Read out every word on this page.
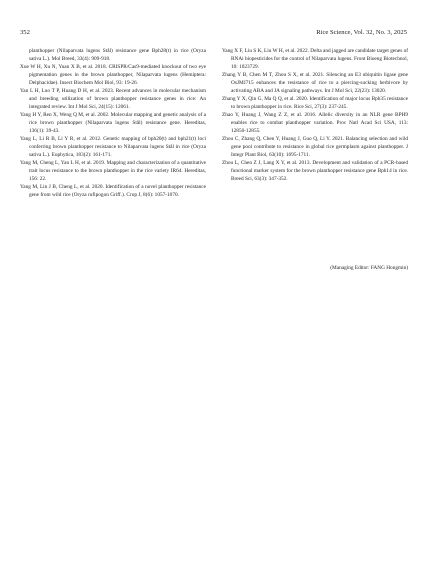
352	Rice Science, Vol. 32, No. 3, 2025

planthopper (Nilaparvata lugens Stål) resistance gene Bph28(t) in rice (Oryza sativa L.). Mol Breed, 33(4): 909-918.

Xue W H, Xu N, Yuan X B, et al. 2018. CRISPR/Cas9-mediated knockout of two eye pigmentation genes in the brown planthopper, Nilaparvata lugens (Hemiptera: Delphacidae). Insect Biochem Mol Biol, 93: 19-26.

Yan L H, Luo T P, Huang D H, et al. 2023. Recent advances in molecular mechanism and breeding utilization of brown planthopper resistance genes in rice: An integrated review. Int J Mol Sci, 24(15): 12061.

Yang H Y, Ren X, Weng Q M, et al. 2002. Molecular mapping and genetic analysis of a rice brown planthopper (Nilaparvata lugens Stål) resistance gene. Hereditas, 136(1): 39-43.

Yang L, Li R B, Li Y R, et al. 2012. Genetic mapping of bph20(t) and bph21(t) loci conferring brown planthopper resistance to Nilaparvata lugens Stål in rice (Oryza sativa L.). Euphytica, 183(2): 161-171.

Yang M, Cheng L, Yan L H, et al. 2019. Mapping and characterization of a quantitative trait locus resistance to the brown planthopper in the rice variety IR64. Hereditas, 156: 22.

Yang M, Lin J B, Cheng L, et al. 2020. Identification of a novel planthopper resistance gene from wild rice (Oryza rufipogon Griff.). Crop J, 8(6): 1057-1070.

Yang X F, Liu S K, Liu W H, et al. 2022. Delta and jagged are candidate target genes of RNAi biopesticides for the control of Nilaparvata lugens. Front Bioeng Biotechnol, 10: 1023729.

Zhang Y B, Chen M T, Zhou S X, et al. 2021. Silencing an E3 ubiquitin ligase gene OsJMJ715 enhances the resistance of rice to a piercing-sucking herbivore by activating ABA and JA signaling pathways. Int J Mol Sci, 22(23): 13020.

Zhang Y X, Qin G, Ma Q Q, et al. 2020. Identification of major locus Bph35 resistance to brown planthopper in rice. Rice Sci, 27(3): 237-245.

Zhao Y, Huang J, Wang Z Z, et al. 2016. Allelic diversity in an NLR gene BPH9 enables rice to combat planthopper variation. Proc Natl Acad Sci USA, 113: 12850-12855.

Zhou C, Zhang Q, Chen Y, Huang J, Guo Q, Li Y. 2021. Balancing selection and wild gene pool contribute to resistance in global rice germplasm against planthopper. J Integr Plant Biol, 63(10): 1695-1711.

Zhou L, Chen Z J, Lang X Y, et al. 2013. Development and validation of a PCR-based functional marker system for the brown planthopper resistance gene Bph14 in rice. Breed Sci, 63(3): 347-352.

(Managing Editor: FANG Hongmin)
